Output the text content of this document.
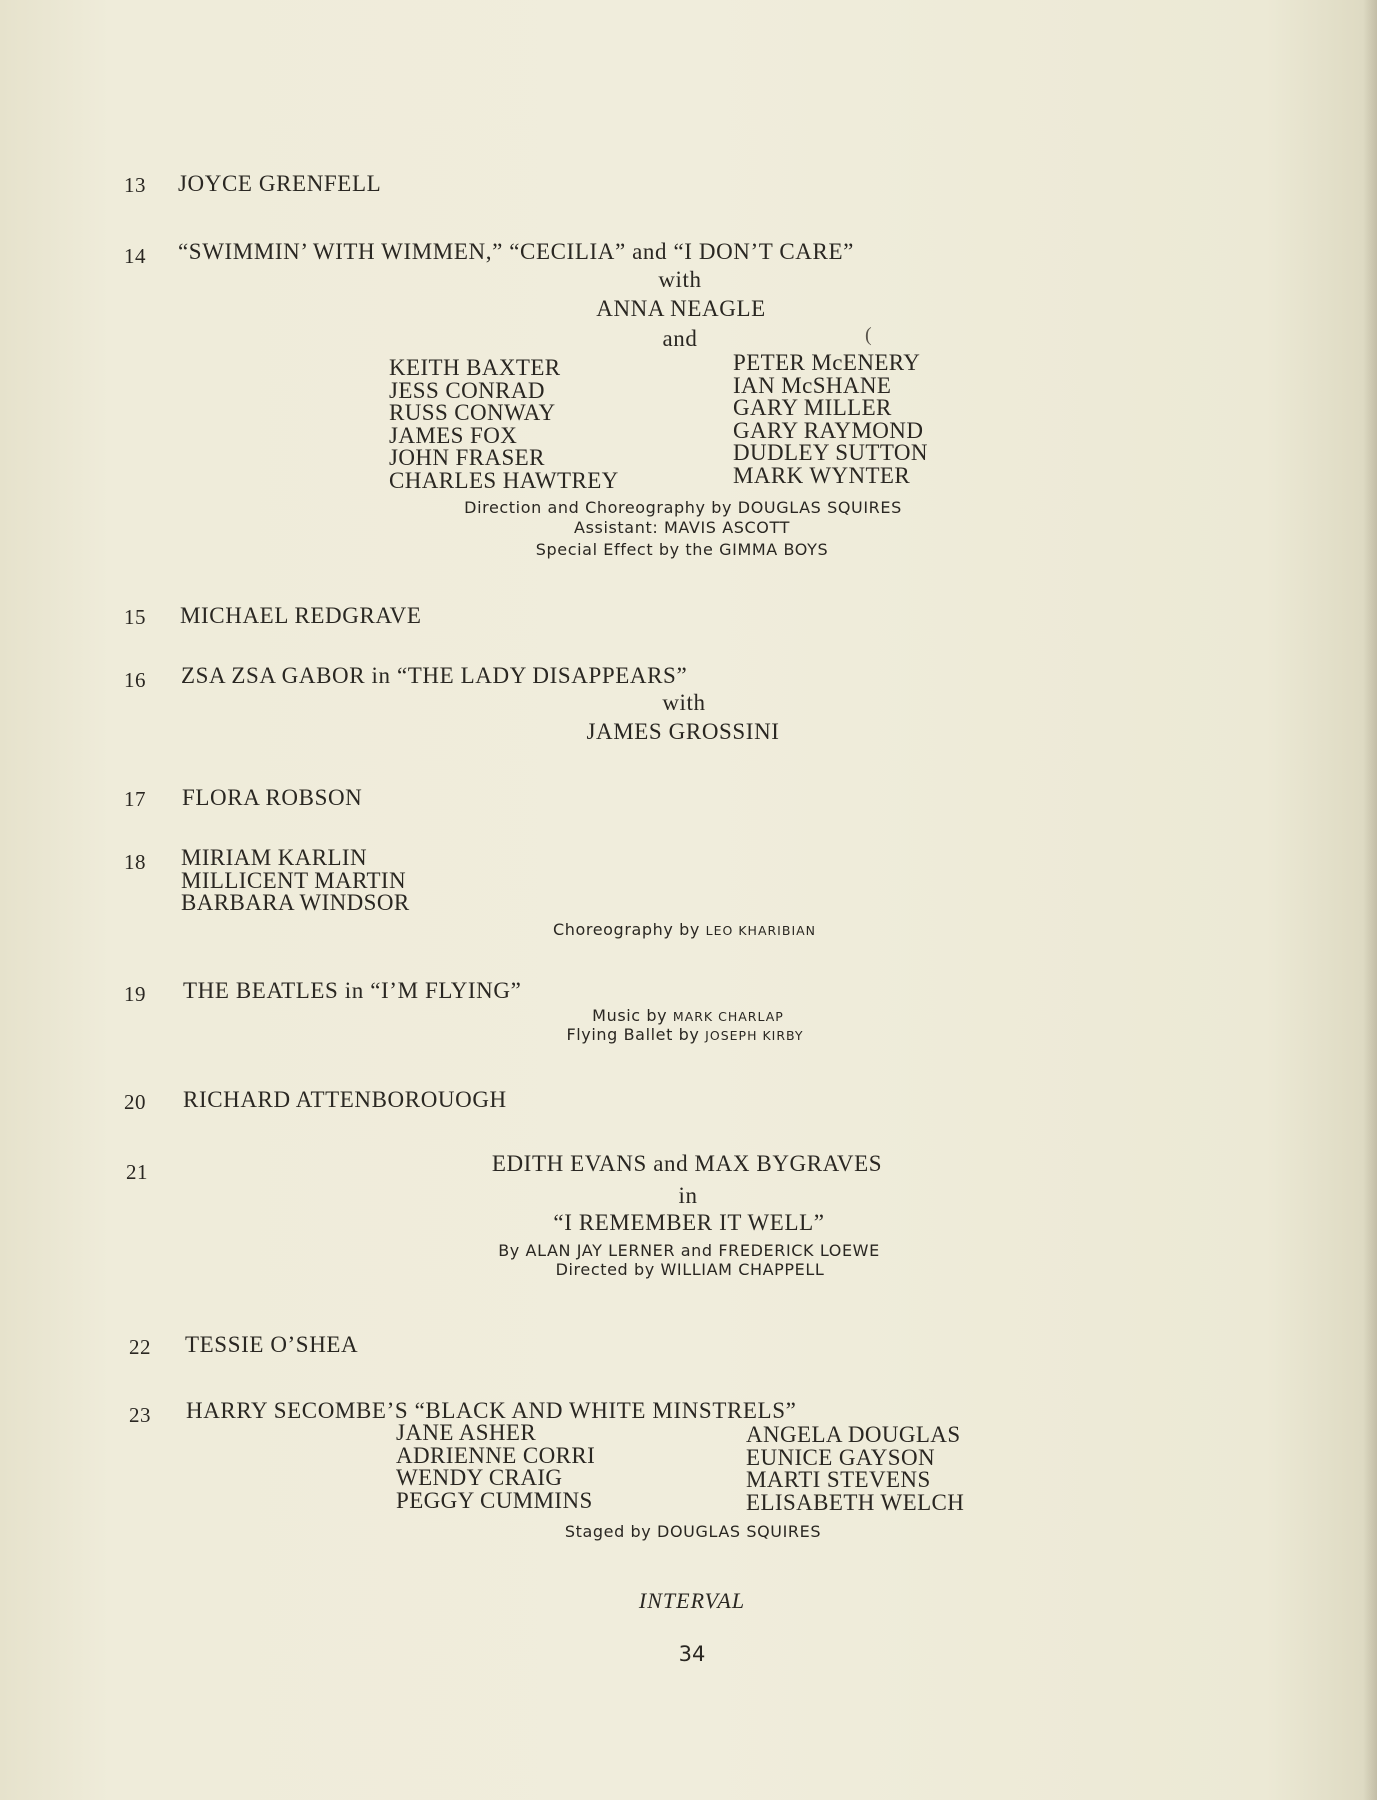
13 JOYCE GRENFELL
14 “SWIMMIN’ WITH WIMMEN,” “CECILIA” and “I DON’T CARE”
with
ANNA NEAGLE
and	(
KEITH BAXTER
JESS CONRAD
RUSS CONWAY
JAMES FOX
JOHN FRASER
CHARLES HAWTREY
PETER McENERY
IAN McSHANE
GARY MILLER
GARY RAYMOND
DUDLEY SUTTON
MARK WYNTER
Direction and Choreography by DOUGLAS SQUIRES
Assistant: MAVIS ASCOTT
Special Effect by the GIMMA BOYS
15 MICHAEL REDGRAVE
16 ZSA ZSA GABOR in “THE LADY DISAPPEARS”
with
JAMES GROSSINI
17 FLORA ROBSON
18 MIRIAM KARLIN
MILLICENT MARTIN
BARBARA WINDSOR
Choreography by LEO KHARIBIAN
19 THE BEATLES in “I’M FLYING”
Music by MARK CHARLAP
Flying Ballet by JOSEPH KIRBY
20 RICHARD ATTENBOROUOGH
21	EDITH EVANS and MAX BYGRAVES
in
“I REMEMBER IT WELL”
By ALAN JAY LERNER and FREDERICK LOEWE
Directed by WILLIAM CHAPPELL
22 TESSIE O’SHEA
23 HARRY SECOMBE’S “BLACK AND WHITE MINSTRELS”
JANE ASHER
ADRIENNE CORRI
WENDY CRAIG
PEGGY CUMMINS
ANGELA DOUGLAS
EUNICE GAYSON
MARTI STEVENS
ELISABETH WELCH
Staged by DOUGLAS SQUIRES
INTERVAL
34
